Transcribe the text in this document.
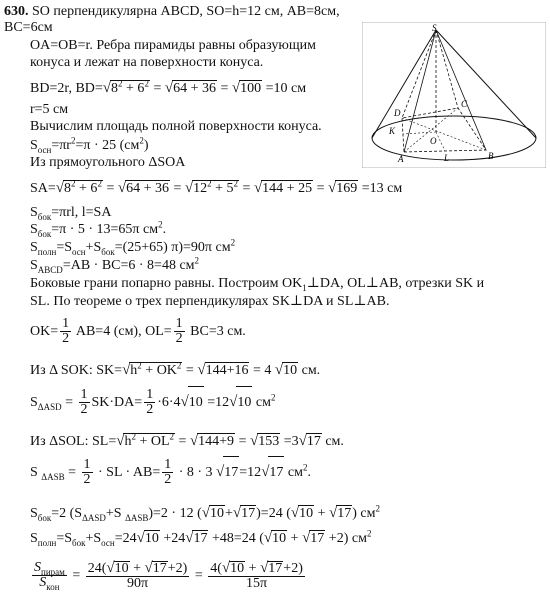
630. SO перпендикулярна ABCD, SO=h=12 см, AB=8см,
BC=6см
OA=OB=r. Ребра пирамиды равны образующим
конуса и лежат на поверхности конуса.
BD=2r, $BD=√8^2 + 6^2 = √64 + 36 = √100 =10$ см
r=5 см
Вычислим площадь полной поверхности конуса.
$S_{осн}=\pi r^2=\pi \cdot 25$ $(см^2)$
Из прямоугольного ΔSOA
$SA=√8^2 + 6^2 = √64 + 36 = √12^2 + 5^2 = √144 + 25 = √169 =13$ см
$S_{бок}=\pi rl$, l=SA
$S_{бок}=\pi \cdot 5 \cdot 13=65\pi$ $см^2$.
$S_{полн}=S_{осн}+S_{бок}=(25+65)$ π)=90π $см^2$
$S_{ABCD}=AB \cdot BC=6 \cdot 8=48$ $см^2$
Боковые грани попарно равны. Построим $OK_1\perp DA$, OL⊥AB, отрезки SK и
SL. По теореме о трех перпендикулярах SK⊥DA и SL⊥AB.
$OK= \frac{1}{2} AB=4$ (см), $OL= \frac{1}{2} BC=3$ см.
Из Δ SOK: $SK=√h^2 + OK^2 = √144+16 = 4$ √10 см.
$S_{\Delta ASD} = \frac{1}{2} SK\cdot DA= \frac{1}{2} \cdot 6\cdot 4√10 =12√10$ $см^2$
Из ΔSOL: $SL=√h^2 + OL^2 = √144+9 = √153 =3√17$ см.
S $_{\Delta ASB} = \frac{1}{2}$ · SL · $AB= \frac{1}{2} \cdot 8 \cdot 3$ √17=12√17 $см^2$.
$S_{бок}=2$ ($S_{\Delta ASD}+S$ $_{\Delta ASB}$)=2 · 12 (√10+√17)=24 (√10 + √17) $см^2$
$S_{полн}=S_{бок}+S_{осн}=24√10 +24√17 +48=24$ (√10 + √17 +2) $см^2$
$\frac{S_{пирам}}{S_{кон}} = \frac{24(√10 + √17+2)}{90\pi} = \frac{4(√10 + √17+2)}{15\pi}$
S
D
C
K
O
A	L	B
